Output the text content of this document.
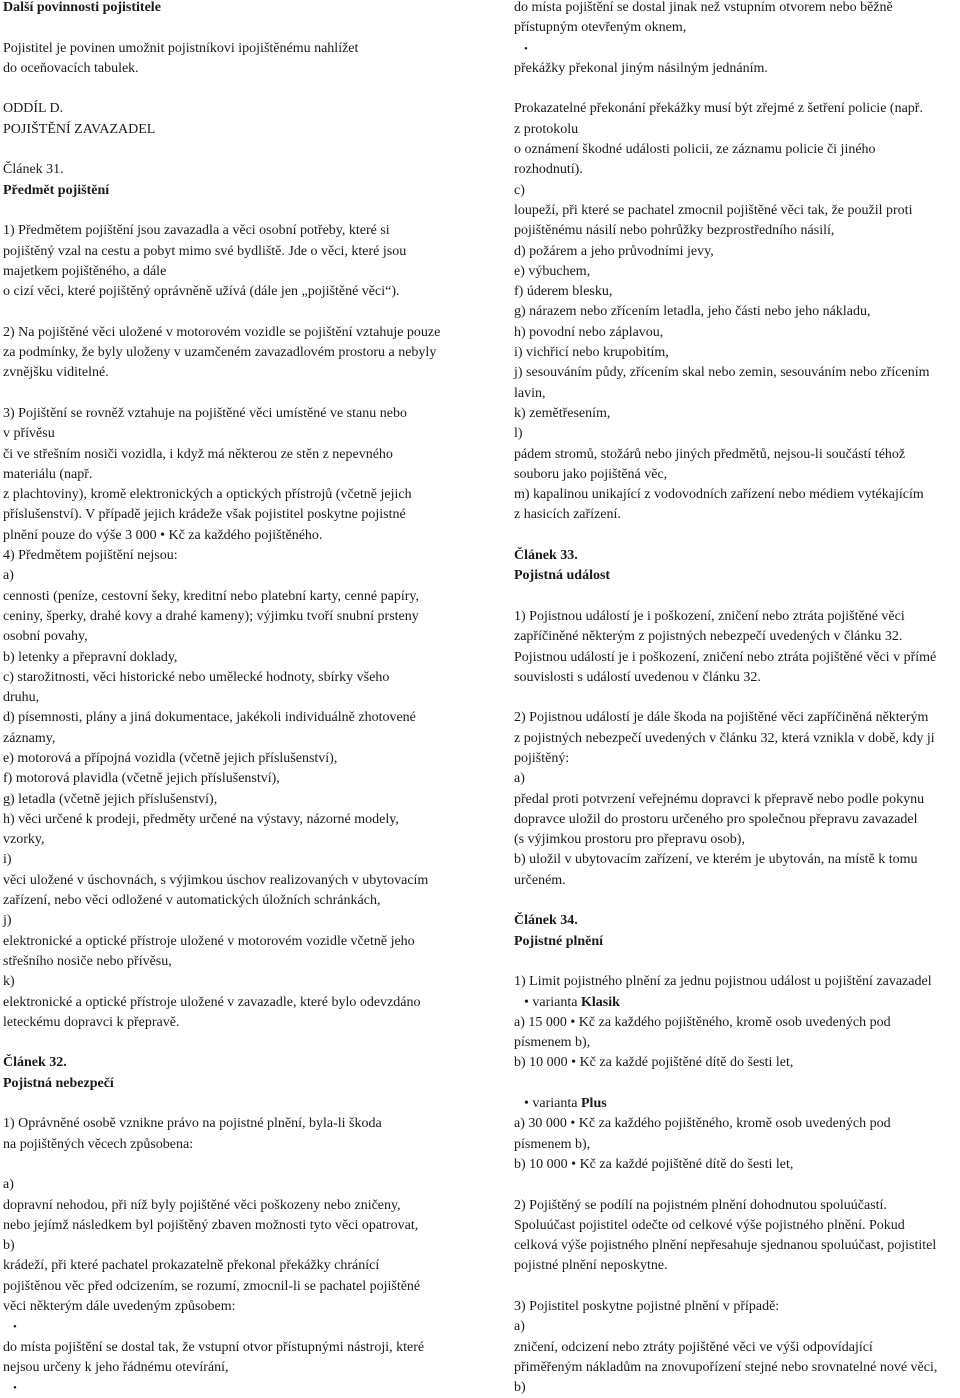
Další povinnosti pojistitele
Pojistitel je povinen umožnit pojistníkovi ipojištěnému nahlížet
do oceňovacích tabulek.
ODDÍL D.
POJIŠTĚNÍ ZAVAZADEL
Článek 31.
Předmět pojištění
1) Předmětem pojištění jsou zavazadla a věci osobní potřeby, které si
pojištěný vzal na cestu a pobyt mimo své bydliště. Jde o věci, které jsou
majetkem pojištěného, a dále
o cizí věci, které pojištěný oprávněně užívá (dále jen „pojištěné věci“).
2) Na pojištěné věci uložené v motorovém vozidle se pojištění vztahuje pouze
za podmínky, že byly uloženy v uzamčeném zavazadlovém prostoru a nebyly
zvnějšku viditelné.
3) Pojištění se rovněž vztahuje na pojištěné věci umístěné ve stanu nebo
v přívěsu
či ve střešním nosiči vozidla, i když má některou ze stěn z nepevného
materiálu (např.
z plachtoviny), kromě elektronických a optických přístrojů (včetně jejich
příslušenství). V případě jejich krádeže však pojistitel poskytne pojistné
plnění pouze do výše 3 000 • Kč za každého pojištěného.
4) Předmětem pojištění nejsou:
a)
cennosti (peníze, cestovní šeky, kreditní nebo platební karty, cenné papíry,
ceniny, šperky, drahé kovy a drahé kameny); výjimku tvoří snubní prsteny
osobní povahy,
b) letenky a přepravní doklady,
c) starožitnosti, věci historické nebo umělecké hodnoty, sbírky všeho
druhu,
d) písemnosti, plány a jiná dokumentace, jakékoli individuálně zhotovené
záznamy,
e) motorová a přípojná vozidla (včetně jejich příslušenství),
f) motorová plavidla (včetně jejich příslušenství),
g) letadla (včetně jejich příslušenství),
h) věci určené k prodeji, předměty určené na výstavy, názorné modely,
vzorky,
i)
věci uložené v úschovnách, s výjimkou úschov realizovaných v ubytovacím
zařízení, nebo věci odložené v automatických úložních schránkách,
j)
elektronické a optické přístroje uložené v motorovém vozidle včetně jeho
střešního nosiče nebo přívěsu,
k)
elektronické a optické přístroje uložené v zavazadle, které bylo odevzdáno
leteckému dopravci k přepravě.
Článek 32.
Pojistná nebezpečí
1) Oprávněné osobě vznikne právo na pojistné plnění, byla-li škoda
na pojištěných věcech způsobena:
a)
dopravní nehodou, při níž byly pojištěné věci poškozeny nebo zničeny,
nebo jejímž následkem byl pojištěný zbaven možnosti tyto věci opatrovat,
b)
krádeží, při které pachatel prokazatelně překonal překážky chránící
pojištěnou věc před odcizením, se rozumí, zmocnil-li se pachatel pojištěné
věci některým dále uvedeným způsobem:
•
do místa pojištění se dostal tak, že vstupní otvor přístupnými nástroji, které
nejsou určeny k jeho řádnému otevírání,
•
do místa pojištění se dostal jinak než vstupním otvorem nebo běžně
přístupným otevřeným oknem,
•
překážky překonal jiným násilným jednáním.
Prokazatelné překonání překážky musí být zřejmé z šetření policie (např.
z protokolu
o oznámení škodné události policii, ze záznamu policie či jiného
rozhodnutí).
c)
loupeží, při které se pachatel zmocnil pojištěné věci tak, že použil proti
pojištěnému násilí nebo pohrůžky bezprostředního násilí,
d) požárem a jeho průvodními jevy,
e) výbuchem,
f) úderem blesku,
g) nárazem nebo zřícením letadla, jeho části nebo jeho nákladu,
h) povodní nebo záplavou,
i) vichřicí nebo krupobitím,
j) sesouváním půdy, zřícením skal nebo zemin, sesouváním nebo zřícením
lavin,
k) zemětřesením,
l)
pádem stromů, stožárů nebo jiných předmětů, nejsou-li součástí téhož
souboru jako pojištěná věc,
m) kapalinou unikající z vodovodních zařízení nebo médiem vytékajícím
z hasicích zařízení.
Článek 33.
Pojistná událost
1) Pojistnou událostí je i poškození, zničení nebo ztráta pojištěné věci
zapříčiněné některým z pojistných nebezpečí uvedených v článku 32.
Pojistnou událostí je i poškození, zničení nebo ztráta pojištěné věci v přímé
souvislosti s událostí uvedenou v článku 32.
2) Pojistnou událostí je dále škoda na pojištěné věci zapříčiněná některým
z pojistných nebezpečí uvedených v článku 32, která vznikla v době, kdy ji
pojištěný:
a)
předal proti potvrzení veřejnému dopravci k přepravě nebo podle pokynu
dopravce uložil do prostoru určeného pro společnou přepravu zavazadel
(s výjimkou prostoru pro přepravu osob),
b) uložil v ubytovacím zařízení, ve kterém je ubytován, na místě k tomu
určeném.
Článek 34.
Pojistné plnění
1) Limit pojistného plnění za jednu pojistnou událost u pojištění zavazadel
• varianta Klasik
a) 15 000 • Kč za každého pojištěného, kromě osob uvedených pod
písmenem b),
b) 10 000 • Kč za každé pojištěné dítě do šesti let,
• varianta Plus
a) 30 000 • Kč za každého pojištěného, kromě osob uvedených pod
písmenem b),
b) 10 000 • Kč za každé pojištěné dítě do šesti let,
2) Pojištěný se podílí na pojistném plnění dohodnutou spoluúčastí.
Spoluúčast pojistitel odečte od celkové výše pojistného plnění. Pokud
celková výše pojistného plnění nepřesahuje sjednanou spoluúčast, pojistitel
pojistné plnění neposkytne.
3) Pojistitel poskytne pojistné plnění v případě:
a)
zničení, odcizení nebo ztráty pojištěné věci ve výši odpovídající
přiměřeným nákladům na znovupořízení stejné nebo srovnatelné nové věci,
b)
